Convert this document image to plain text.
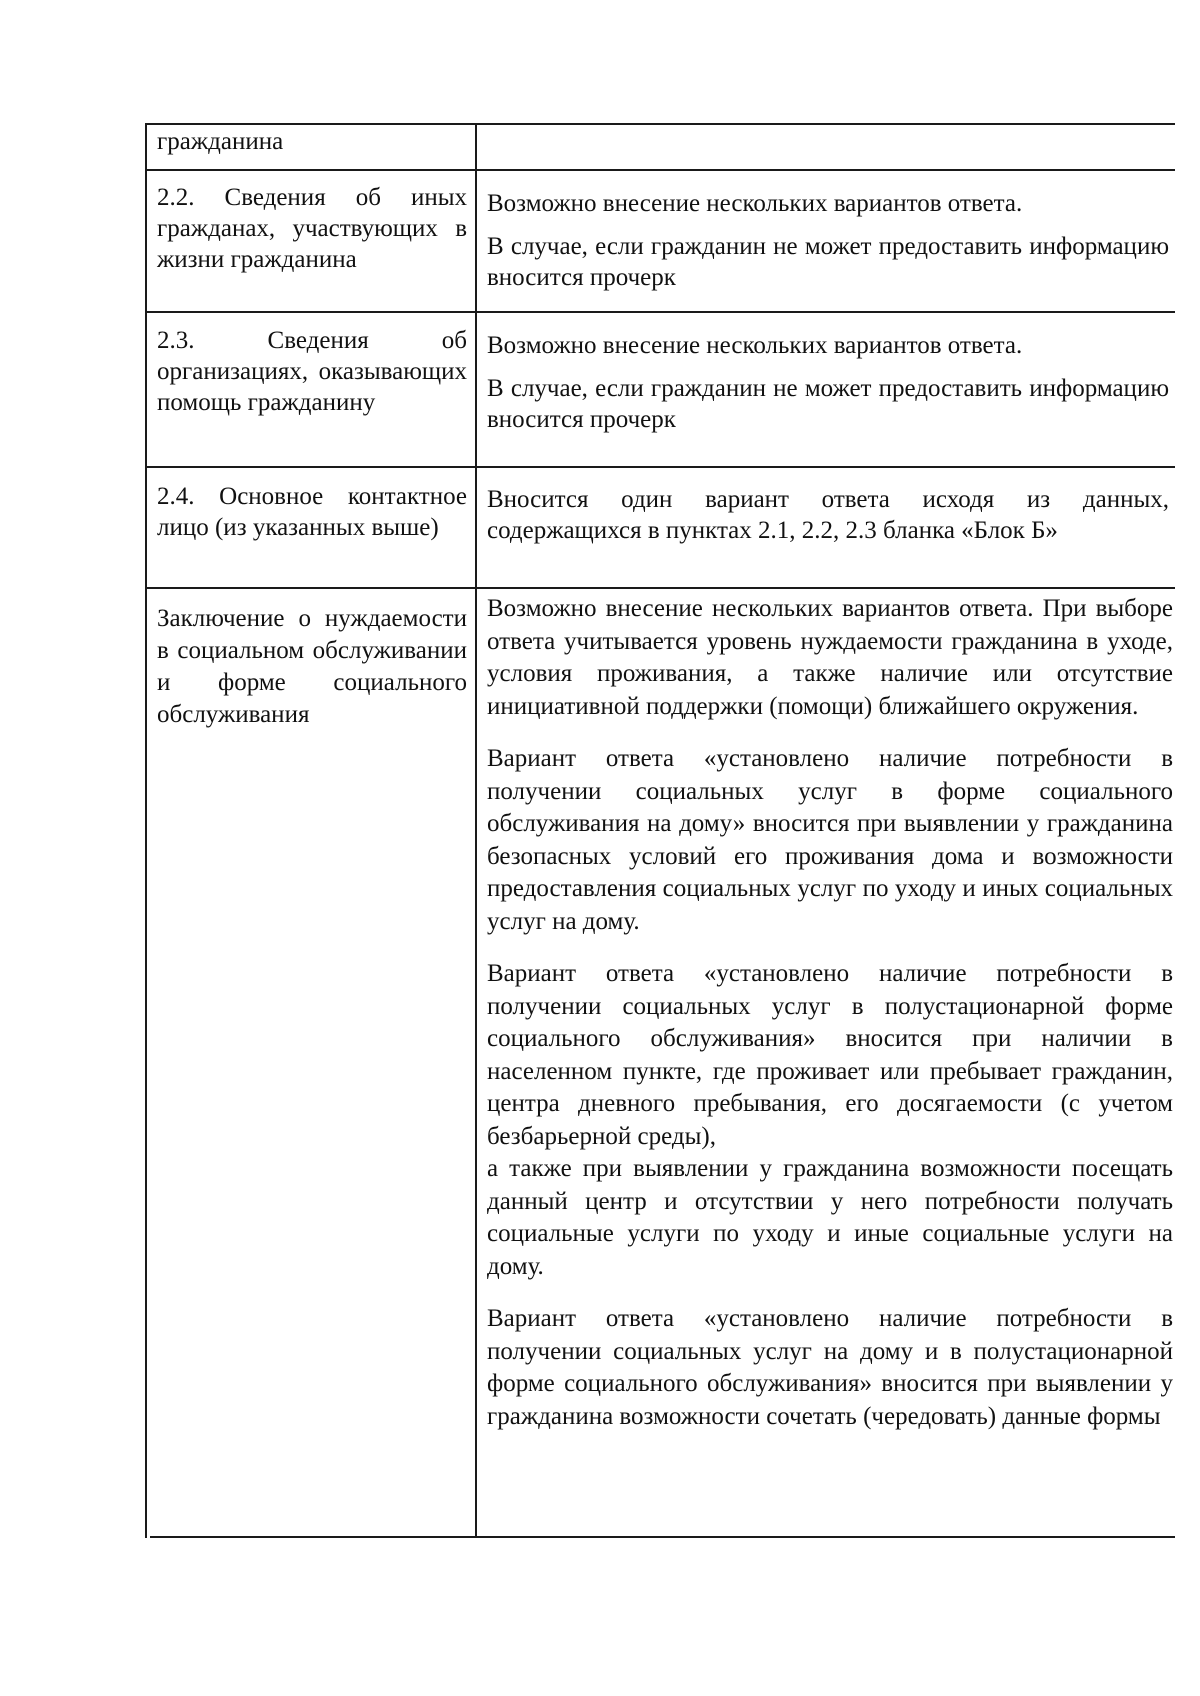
гражданина

2.2. Сведения об иных гражданах, участвующих в жизни гражданина

Возможно внесение нескольких вариантов ответа.

В случае, если гражданин не может предоставить информацию вносится прочерк

2.3. Сведения об организациях, оказывающих помощь гражданину

Возможно внесение нескольких вариантов ответа.

В случае, если гражданин не может предоставить информацию вносится прочерк

2.4. Основное контактное лицо (из указанных выше)

Вносится один вариант ответа исходя из данных, содержащихся в пунктах 2.1, 2.2, 2.3 бланка «Блок Б»

Заключение о нуждаемости в социальном обслуживании и форме социального обслуживания

Возможно внесение нескольких вариантов ответа. При выборе ответа учитывается уровень нуждаемости гражданина в уходе, условия проживания, а также наличие или отсутствие инициативной поддержки (помощи) ближайшего окружения.

Вариант ответа «установлено наличие потребности в получении социальных услуг в форме социального обслуживания на дому» вносится при выявлении у гражданина безопасных условий его проживания дома и возможности предоставления социальных услуг по уходу и иных социальных услуг на дому.

Вариант ответа «установлено наличие потребности в получении социальных услуг в полустационарной форме социального обслуживания» вносится при наличии в населенном пункте, где проживает или пребывает гражданин, центра дневного пребывания, его досягаемости (с учетом безбарьерной среды),

а также при выявлении у гражданина возможности посещать данный центр и отсутствии у него потребности получать социальные услуги по уходу и иные социальные услуги на дому.

Вариант ответа «установлено наличие потребности в получении социальных услуг на дому и в полустационарной форме социального обслуживания» вносится при выявлении у гражданина возможности сочетать (чередовать) данные формы
